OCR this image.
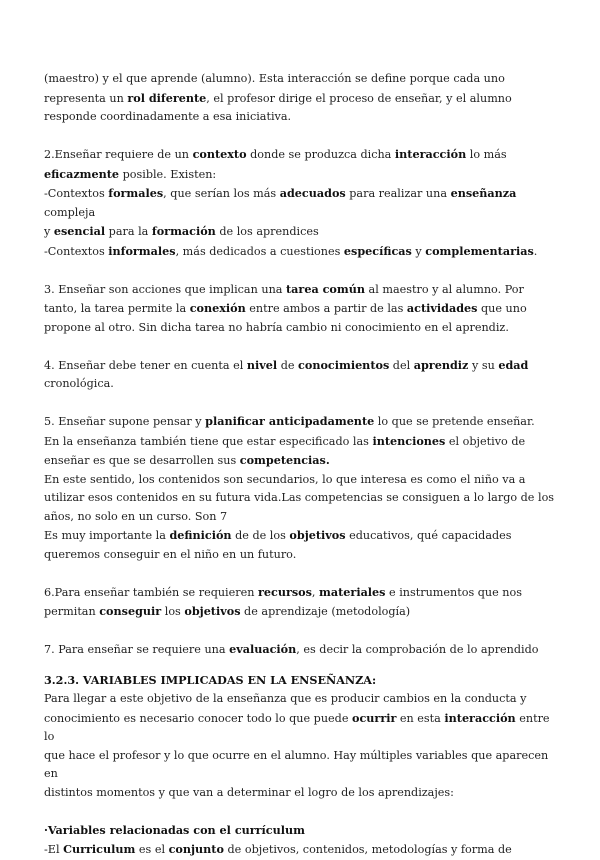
(maestro) y el que aprende (alumno). Esta interacción se define porque cada uno
representa un rol diferente, el profesor dirige el proceso de enseñar, y el alumno
responde coordinadamente a esa iniciativa.
2.Enseñar requiere de un contexto donde se produzca dicha interacción lo más
eficazmente posible. Existen:
-Contextos formales, que serían los más adecuados para realizar una enseñanza compleja
y esencial para la formación de los aprendices
-Contextos informales, más dedicados a cuestiones específicas y complementarias.
3. Enseñar son acciones que implican una tarea común al maestro y al alumno. Por
tanto, la tarea permite la conexión entre ambos a partir de las actividades que uno
propone al otro. Sin dicha tarea no habría cambio ni conocimiento en el aprendiz.
4. Enseñar debe tener en cuenta el nivel de conocimientos del aprendiz y su edad
cronológica.
5. Enseñar supone pensar y planificar anticipadamente lo que se pretende enseñar.
En la enseñanza también tiene que estar especificado las intenciones el objetivo de
enseñar es que se desarrollen sus competencias.
En este sentido, los contenidos son secundarios, lo que interesa es como el niño va a
utilizar esos contenidos en su futura vida.Las competencias se consiguen a lo largo de los
años, no solo en un curso. Son 7
Es muy importante la definición de de los objetivos educativos, qué capacidades
queremos conseguir en el niño en un futuro.
6.Para enseñar también se requieren recursos, materiales e instrumentos que nos
permitan conseguir los objetivos de aprendizaje (metodología)
7. Para enseñar se requiere una evaluación, es decir la comprobación de lo aprendido
3.2.3. VARIABLES IMPLICADAS EN LA ENSEÑANZA:
Para llegar a este objetivo de la enseñanza que es producir cambios en la conducta y
conocimiento es necesario conocer todo lo que puede ocurrir en esta interacción entre lo
que hace el profesor y lo que ocurre en el alumno. Hay múltiples variables que aparecen en
distintos momentos y que van a determinar el logro de los aprendizajes:
·Variables relacionadas con el currículum
-El Curriculum es el conjunto de objetivos, contenidos, metodologías y forma de
